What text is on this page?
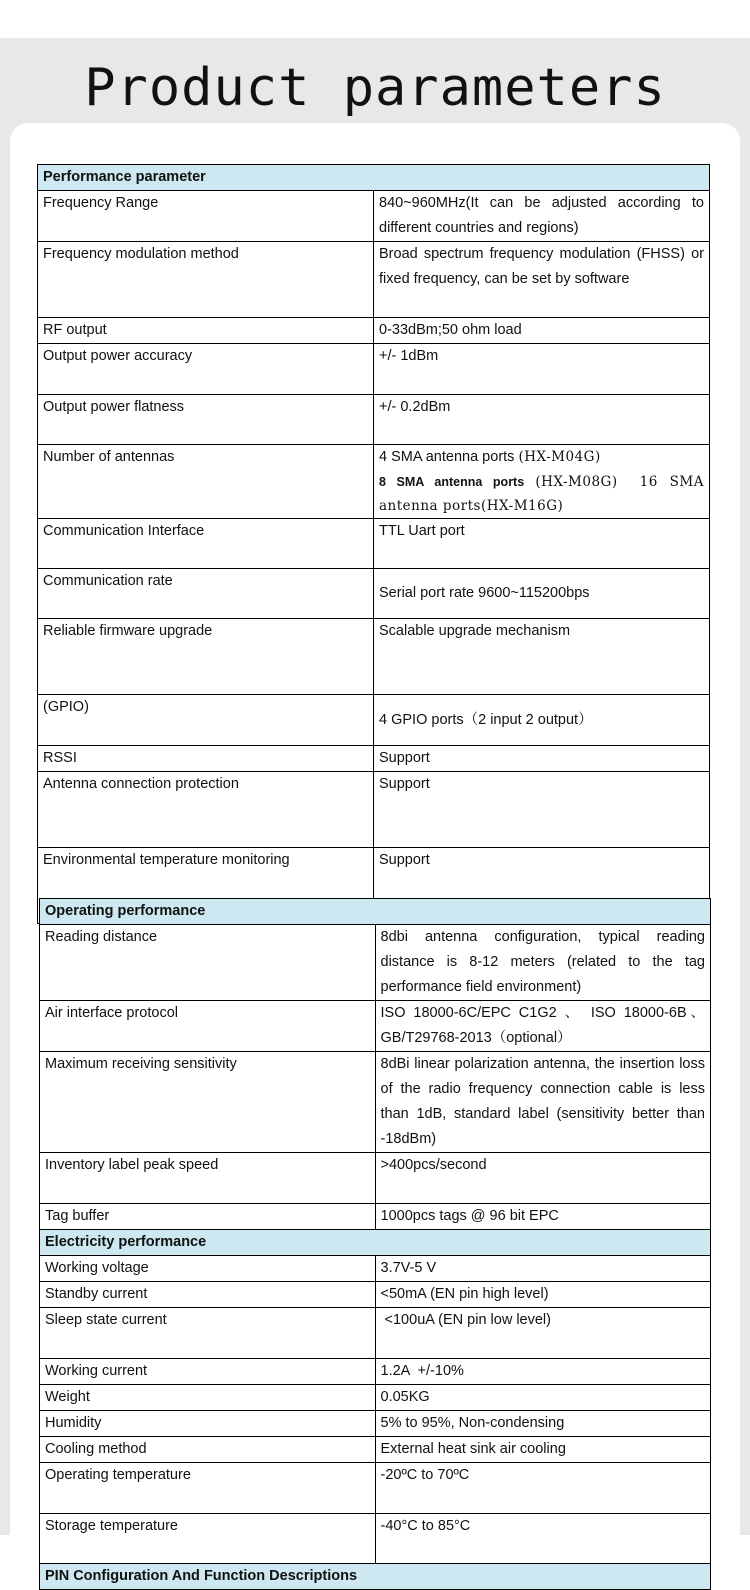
Product parameters
Performance parameter	
Frequency Range	840~960MHz(It can be adjusted according to different countries and regions)
Frequency modulation method	Broad spectrum frequency modulation (FHSS) or fixed frequency, can be set by software
RF output	0-33dBm;50 ohm load
Output power accuracy	+/- 1dBm
Output power flatness	+/- 0.2dBm
Number of antennas	4 SMA antenna ports (HX-M04G)
8 SMA antenna ports (HX-M08G) 16 SMA antenna ports(HX-M16G)

Communication Interface	TTL Uart port
Communication rate	Serial port rate 9600~115200bps
Reliable firmware upgrade	Scalable upgrade mechanism
(GPIO)	4 GPIO ports（2 input 2 output）
RSSI	Support
Antenna connection protection	Support
Environmental temperature monitoring	Support
Operating performance	
Reading distance	8dbi antenna configuration, typical reading distance is 8-12 meters (related to the tag performance field environment)
Air interface protocol	ISO 18000-6C/EPC C1G2 、 ISO 18000-6B、GB/T29768-2013（optional）
Maximum receiving sensitivity	8dBi linear polarization antenna, the insertion loss of the radio frequency connection cable is less than 1dB, standard label (sensitivity better than -18dBm)
Inventory label peak speed	>400pcs/second
Tag buffer	1000pcs tags @ 96 bit EPC
Electricity performance	
Working voltage	3.7V-5 V
Standby current	<50mA (EN pin high level)
Sleep state current	<100uA (EN pin low level)
Working current	1.2A +/-10%
Weight	0.05KG
Humidity	5% to 95%, Non-condensing
Cooling method	External heat sink air cooling
Operating temperature	-20ºC to 70ºC
Storage temperature	-40°C to 85°C
PIN Configuration And Function Descriptions	
